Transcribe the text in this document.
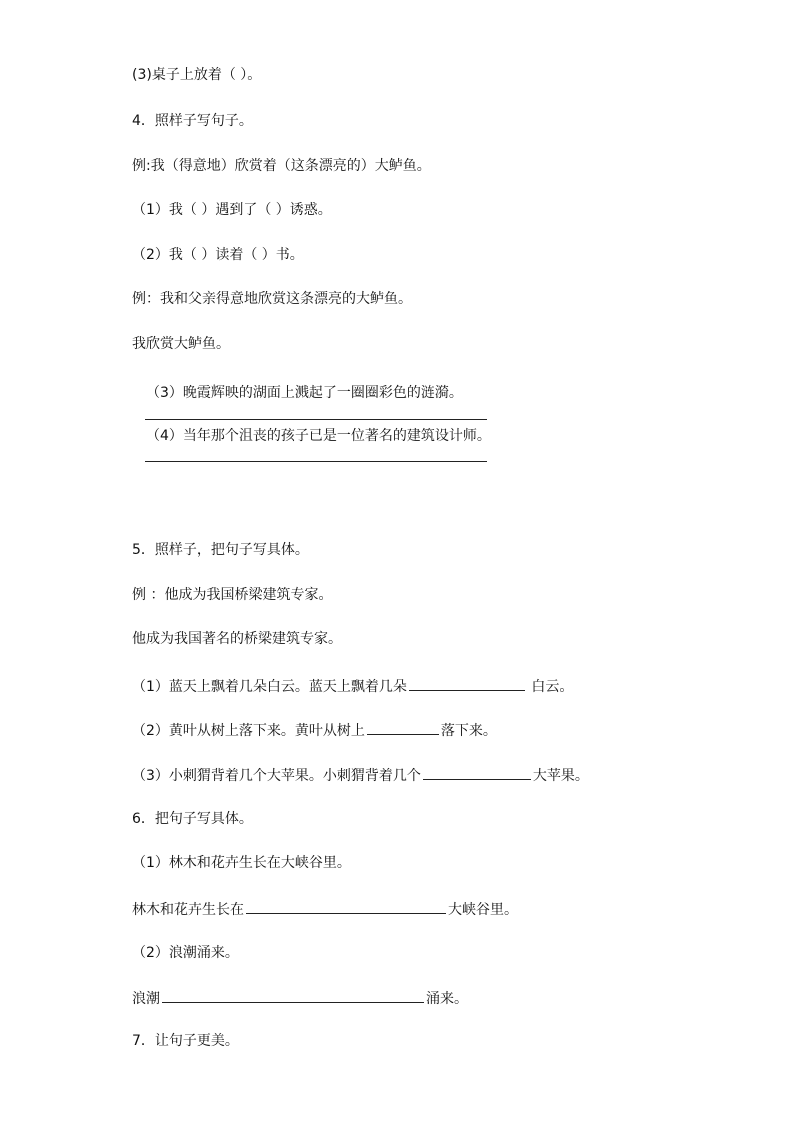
(3)桌子上放着（ ）。
4．照样子写句子。
例:我（得意地）欣赏着（这条漂亮的）大鲈鱼。
（1）我（ ）遇到了（ ）诱惑。
（2）我（ ）读着（ ）书。
例：我和父亲得意地欣赏这条漂亮的大鲈鱼。
我欣赏大鲈鱼。
（3）晚霞辉映的湖面上溅起了一圈圈彩色的涟漪。
（4）当年那个沮丧的孩子已是一位著名的建筑设计师。
5．照样子，把句子写具体。
例 ：他成为我国桥梁建筑专家。
他成为我国著名的桥梁建筑专家。
（1）蓝天上飘着几朵白云。蓝天上飘着几朵	白云。
（2）黄叶从树上落下来。黄叶从树上	落下来。
（3）小刺猬背着几个大苹果。小刺猬背着几个	大苹果。
6．把句子写具体。
（1）林木和花卉生长在大峡谷里。
林木和花卉生长在	大峡谷里。
（2）浪潮涌来。
浪潮	涌来。
7．让句子更美。
